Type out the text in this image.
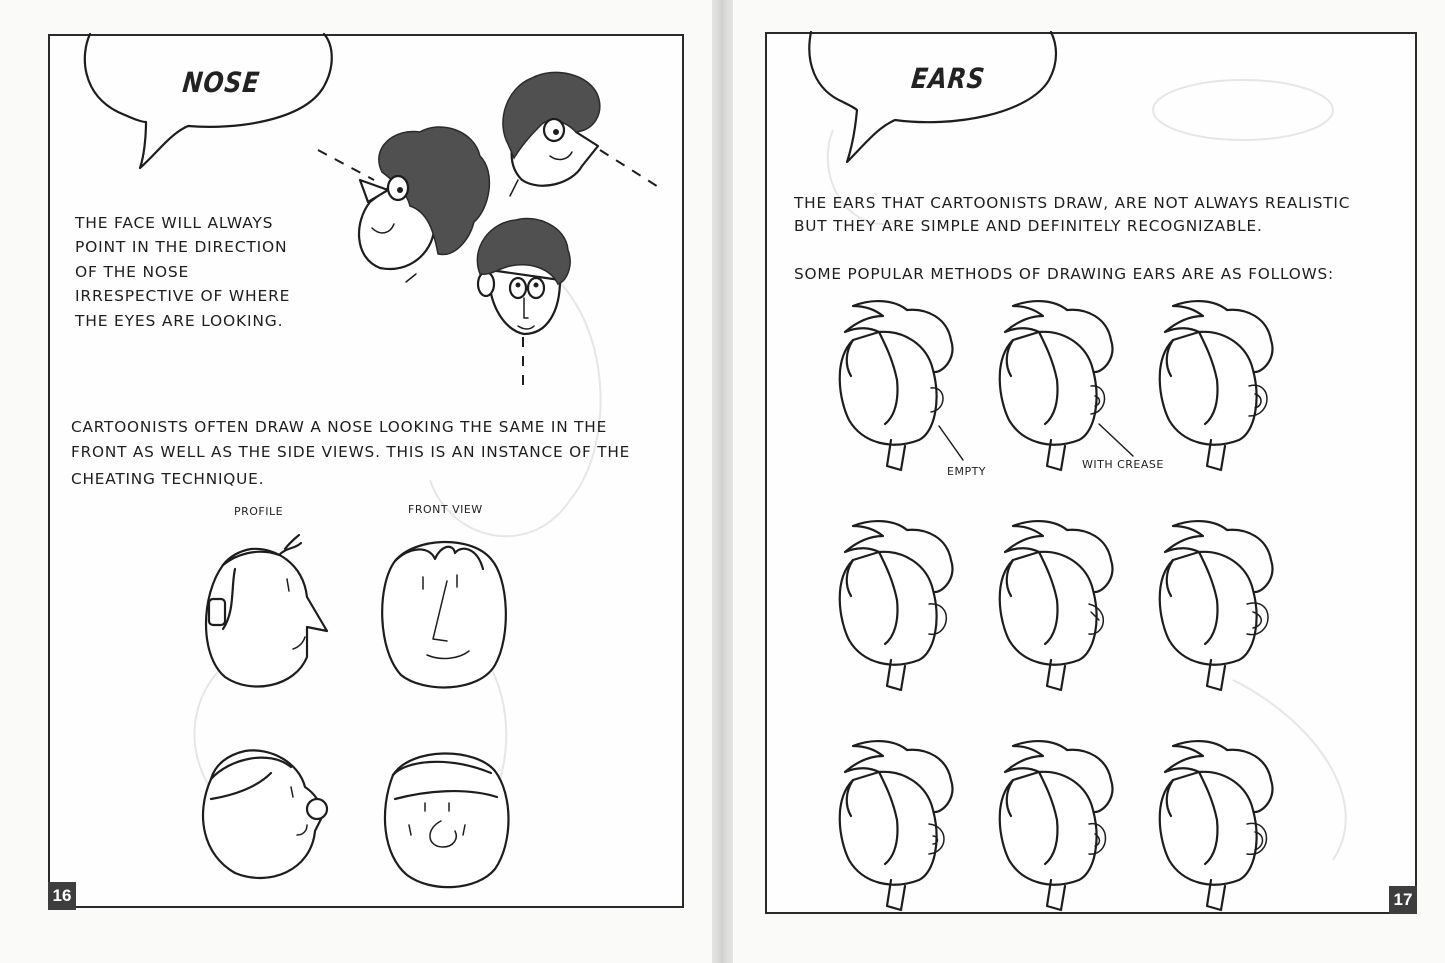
NOSE
THE FACE WILL ALWAYS
POINT IN THE DIRECTION
OF THE NOSE
IRRESPECTIVE OF WHERE
THE EYES ARE LOOKING.
CARTOONISTS OFTEN DRAW A NOSE LOOKING THE SAME IN THE
FRONT AS WELL AS THE SIDE VIEWS. THIS IS AN INSTANCE OF THE
CHEATING TECHNIQUE.
PROFILE	FRONT VIEW
16
EARS
THE EARS THAT CARTOONISTS DRAW, ARE NOT ALWAYS REALISTIC
BUT THEY ARE SIMPLE AND DEFINITELY RECOGNIZABLE.
SOME POPULAR METHODS OF DRAWING EARS ARE AS FOLLOWS:
EMPTY
WITH CREASE
17
